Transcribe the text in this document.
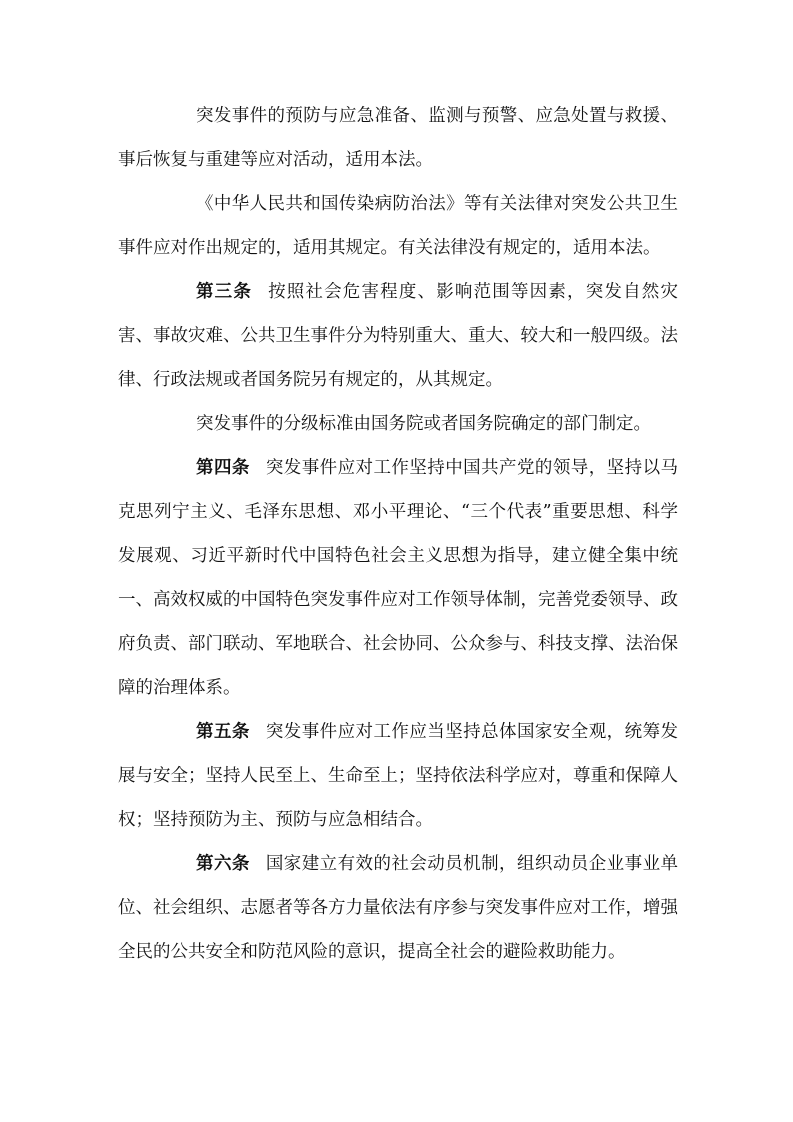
突发事件的预防与应急准备、监测与预警、应急处置与救援、事后恢复与重建等应对活动，适用本法。

《中华人民共和国传染病防治法》等有关法律对突发公共卫生事件应对作出规定的，适用其规定。有关法律没有规定的，适用本法。

第三条 按照社会危害程度、影响范围等因素，突发自然灾害、事故灾难、公共卫生事件分为特别重大、重大、较大和一般四级。法律、行政法规或者国务院另有规定的，从其规定。

突发事件的分级标准由国务院或者国务院确定的部门制定。

第四条 突发事件应对工作坚持中国共产党的领导，坚持以马克思列宁主义、毛泽东思想、邓小平理论、“三个代表”重要思想、科学发展观、习近平新时代中国特色社会主义思想为指导，建立健全集中统一、高效权威的中国特色突发事件应对工作领导体制，完善党委领导、政府负责、部门联动、军地联合、社会协同、公众参与、科技支撑、法治保障的治理体系。

第五条 突发事件应对工作应当坚持总体国家安全观，统筹发展与安全；坚持人民至上、生命至上；坚持依法科学应对，尊重和保障人权；坚持预防为主、预防与应急相结合。

第六条 国家建立有效的社会动员机制，组织动员企业事业单位、社会组织、志愿者等各方力量依法有序参与突发事件应对工作，增强全民的公共安全和防范风险的意识，提高全社会的避险救助能力。
